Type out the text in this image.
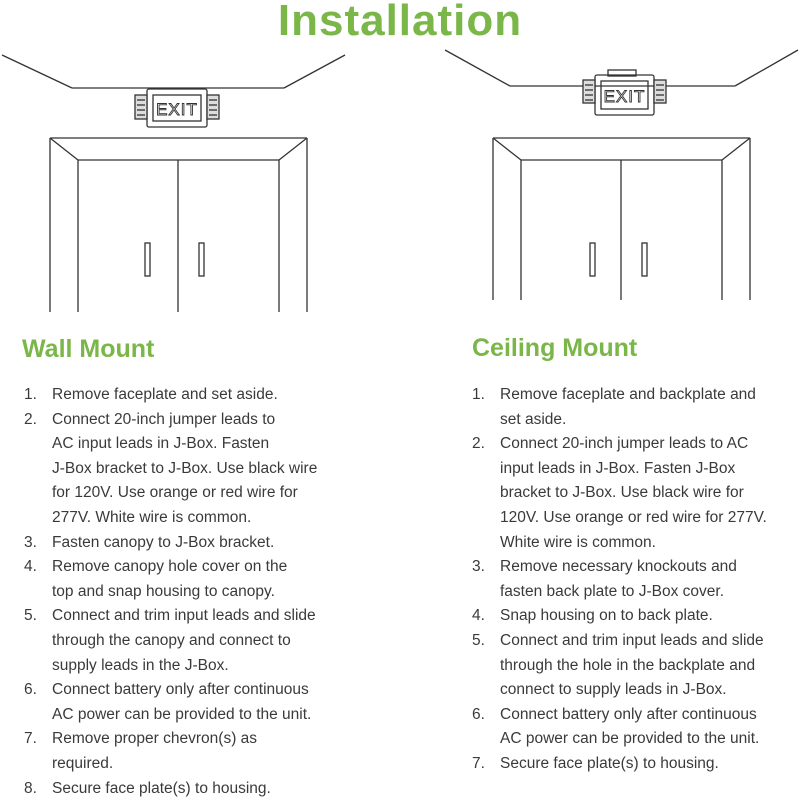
Installation
EXIT
EXIT
Wall Mount
1. Remove faceplate and set aside.
2. Connect 20-inch jumper leads to
AC input leads in J-Box. Fasten
J-Box bracket to J-Box. Use black wire
for 120V. Use orange or red wire for
277V. White wire is common.
3. Fasten canopy to J-Box bracket.
4. Remove canopy hole cover on the
top and snap housing to canopy.
5. Connect and trim input leads and slide
through the canopy and connect to
supply leads in the J-Box.
6. Connect battery only after continuous
AC power can be provided to the unit.
7. Remove proper chevron(s) as
required.
8. Secure face plate(s) to housing.
Ceiling Mount
1. Remove faceplate and backplate and
set aside.
2. Connect 20-inch jumper leads to AC
input leads in J-Box. Fasten J-Box
bracket to J-Box. Use black wire for
120V. Use orange or red wire for 277V.
White wire is common.
3. Remove necessary knockouts and
fasten back plate to J-Box cover.
4. Snap housing on to back plate.
5. Connect and trim input leads and slide
through the hole in the backplate and
connect to supply leads in J-Box.
6. Connect battery only after continuous
AC power can be provided to the unit.
7. Secure face plate(s) to housing.
